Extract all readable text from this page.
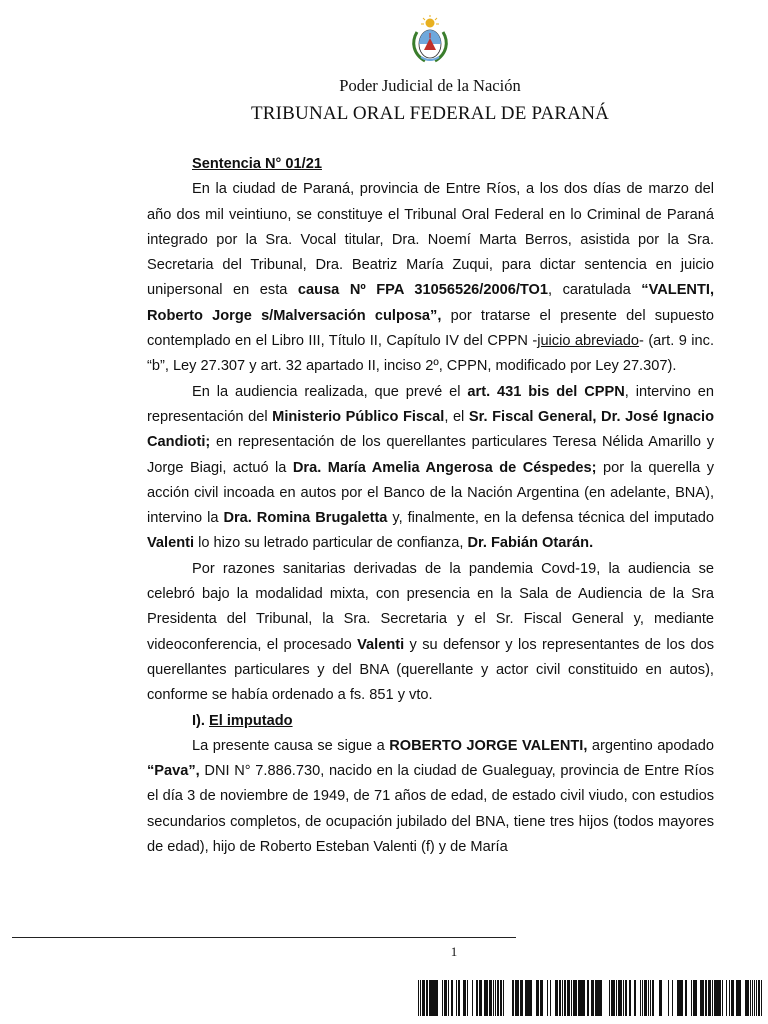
Poder Judicial de la Nación
TRIBUNAL ORAL FEDERAL DE PARANÁ

Sentencia N° 01/21

En la ciudad de Paraná, provincia de Entre Ríos, a los dos días de marzo del año dos mil veintiuno, se constituye el Tribunal Oral Federal en lo Criminal de Paraná integrado por la Sra. Vocal titular, Dra. Noemí Marta Berros, asistida por la Sra. Secretaria del Tribunal, Dra. Beatriz María Zuqui, para dictar sentencia en juicio unipersonal en esta causa Nº FPA 31056526/2006/TO1, caratulada “VALENTI, Roberto Jorge s/Malversación culposa”, por tratarse el presente del supuesto contemplado en el Libro III, Título II, Capítulo IV del CPPN -juicio abreviado- (art. 9 inc. “b”, Ley 27.307 y art. 32 apartado II, inciso 2º, CPPN, modificado por Ley 27.307).

En la audiencia realizada, que prevé el art. 431 bis del CPPN, intervino en representación del Ministerio Público Fiscal, el Sr. Fiscal General, Dr. José Ignacio Candioti; en representación de los querellantes particulares Teresa Nélida Amarillo y Jorge Biagi, actuó la Dra. María Amelia Angerosa de Céspedes; por la querella y acción civil incoada en autos por el Banco de la Nación Argentina (en adelante, BNA), intervino la Dra. Romina Brugaletta y, finalmente, en la defensa técnica del imputado Valenti lo hizo su letrado particular de confianza, Dr. Fabián Otarán.

Por razones sanitarias derivadas de la pandemia Covd-19, la audiencia se celebró bajo la modalidad mixta, con presencia en la Sala de Audiencia de la Sra Presidenta del Tribunal, la Sra. Secretaria y el Sr. Fiscal General y, mediante videoconferencia, el procesado Valenti y su defensor y los representantes de los dos querellantes particulares y del BNA (querellante y actor civil constituido en autos), conforme se había ordenado a fs. 851 y vto.

I). El imputado

La presente causa se sigue a ROBERTO JORGE VALENTI, argentino apodado “Pava”, DNI N° 7.886.730, nacido en la ciudad de Gualeguay, provincia de Entre Ríos el día 3 de noviembre de 1949, de 71 años de edad, de estado civil viudo, con estudios secundarios completos, de ocupación jubilado del BNA, tiene tres hijos (todos mayores de edad), hijo de Roberto Esteban Valenti (f) y de María

1
